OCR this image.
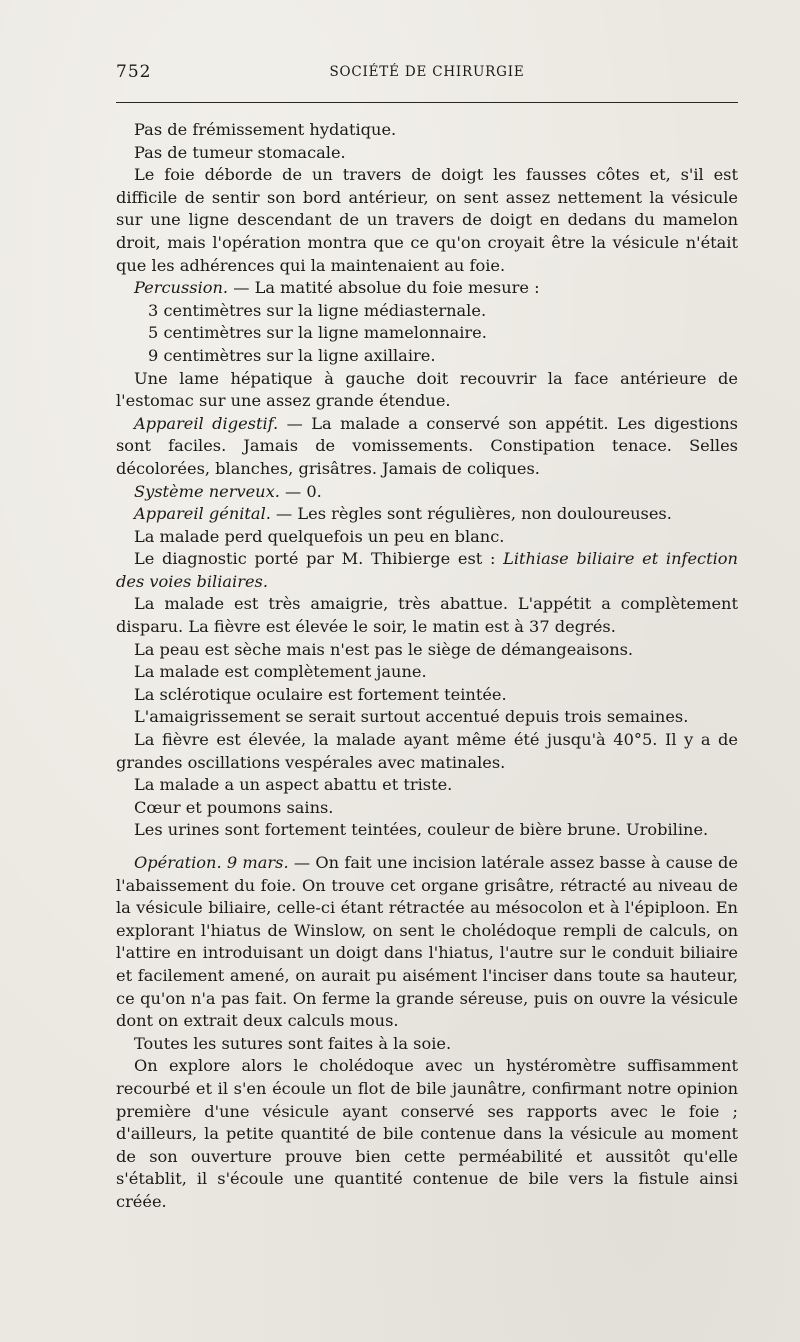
752	SOCIÉTÉ DE CHIRURGIE

Pas de frémissement hydatique.

Pas de tumeur stomacale.

Le foie déborde de un travers de doigt les fausses côtes et, s'il est difficile de sentir son bord antérieur, on sent assez nettement la vésicule sur une ligne descendant de un travers de doigt en dedans du mamelon droit, mais l'opération montra que ce qu'on croyait être la vésicule n'était que les adhérences qui la maintenaient au foie.

Percussion. — La matité absolue du foie mesure :

3 centimètres sur la ligne médiasternale.

5 centimètres sur la ligne mamelonnaire.

9 centimètres sur la ligne axillaire.

Une lame hépatique à gauche doit recouvrir la face antérieure de l'estomac sur une assez grande étendue.

Appareil digestif. — La malade a conservé son appétit. Les digestions sont faciles. Jamais de vomissements. Constipation tenace. Selles décolorées, blanches, grisâtres. Jamais de coliques.

Système nerveux. — 0.

Appareil génital. — Les règles sont régulières, non douloureuses.

La malade perd quelquefois un peu en blanc.

Le diagnostic porté par M. Thibierge est : Lithiase biliaire et infection des voies biliaires.

La malade est très amaigrie, très abattue. L'appétit a complètement disparu. La fièvre est élevée le soir, le matin est à 37 degrés.

La peau est sèche mais n'est pas le siège de démangeaisons.

La malade est complètement jaune.

La sclérotique oculaire est fortement teintée.

L'amaigrissement se serait surtout accentué depuis trois semaines.

La fièvre est élevée, la malade ayant même été jusqu'à 40°5. Il y a de grandes oscillations vespérales avec matinales.

La malade a un aspect abattu et triste.

Cœur et poumons sains.

Les urines sont fortement teintées, couleur de bière brune. Urobiline.

Opération. 9 mars. — On fait une incision latérale assez basse à cause de l'abaissement du foie. On trouve cet organe grisâtre, rétracté au niveau de la vésicule biliaire, celle-ci étant rétractée au mésocolon et à l'épiploon. En explorant l'hiatus de Winslow, on sent le cholédoque rempli de calculs, on l'attire en introduisant un doigt dans l'hiatus, l'autre sur le conduit biliaire et facilement amené, on aurait pu aisément l'inciser dans toute sa hauteur, ce qu'on n'a pas fait. On ferme la grande séreuse, puis on ouvre la vésicule dont on extrait deux calculs mous.

Toutes les sutures sont faites à la soie.

On explore alors le cholédoque avec un hystéromètre suffisamment recourbé et il s'en écoule un flot de bile jaunâtre, confirmant notre opinion première d'une vésicule ayant conservé ses rapports avec le foie ; d'ailleurs, la petite quantité de bile contenue dans la vésicule au moment de son ouverture prouve bien cette perméabilité et aussitôt qu'elle s'établit, il s'écoule une quantité contenue de bile vers la fistule ainsi créée.
